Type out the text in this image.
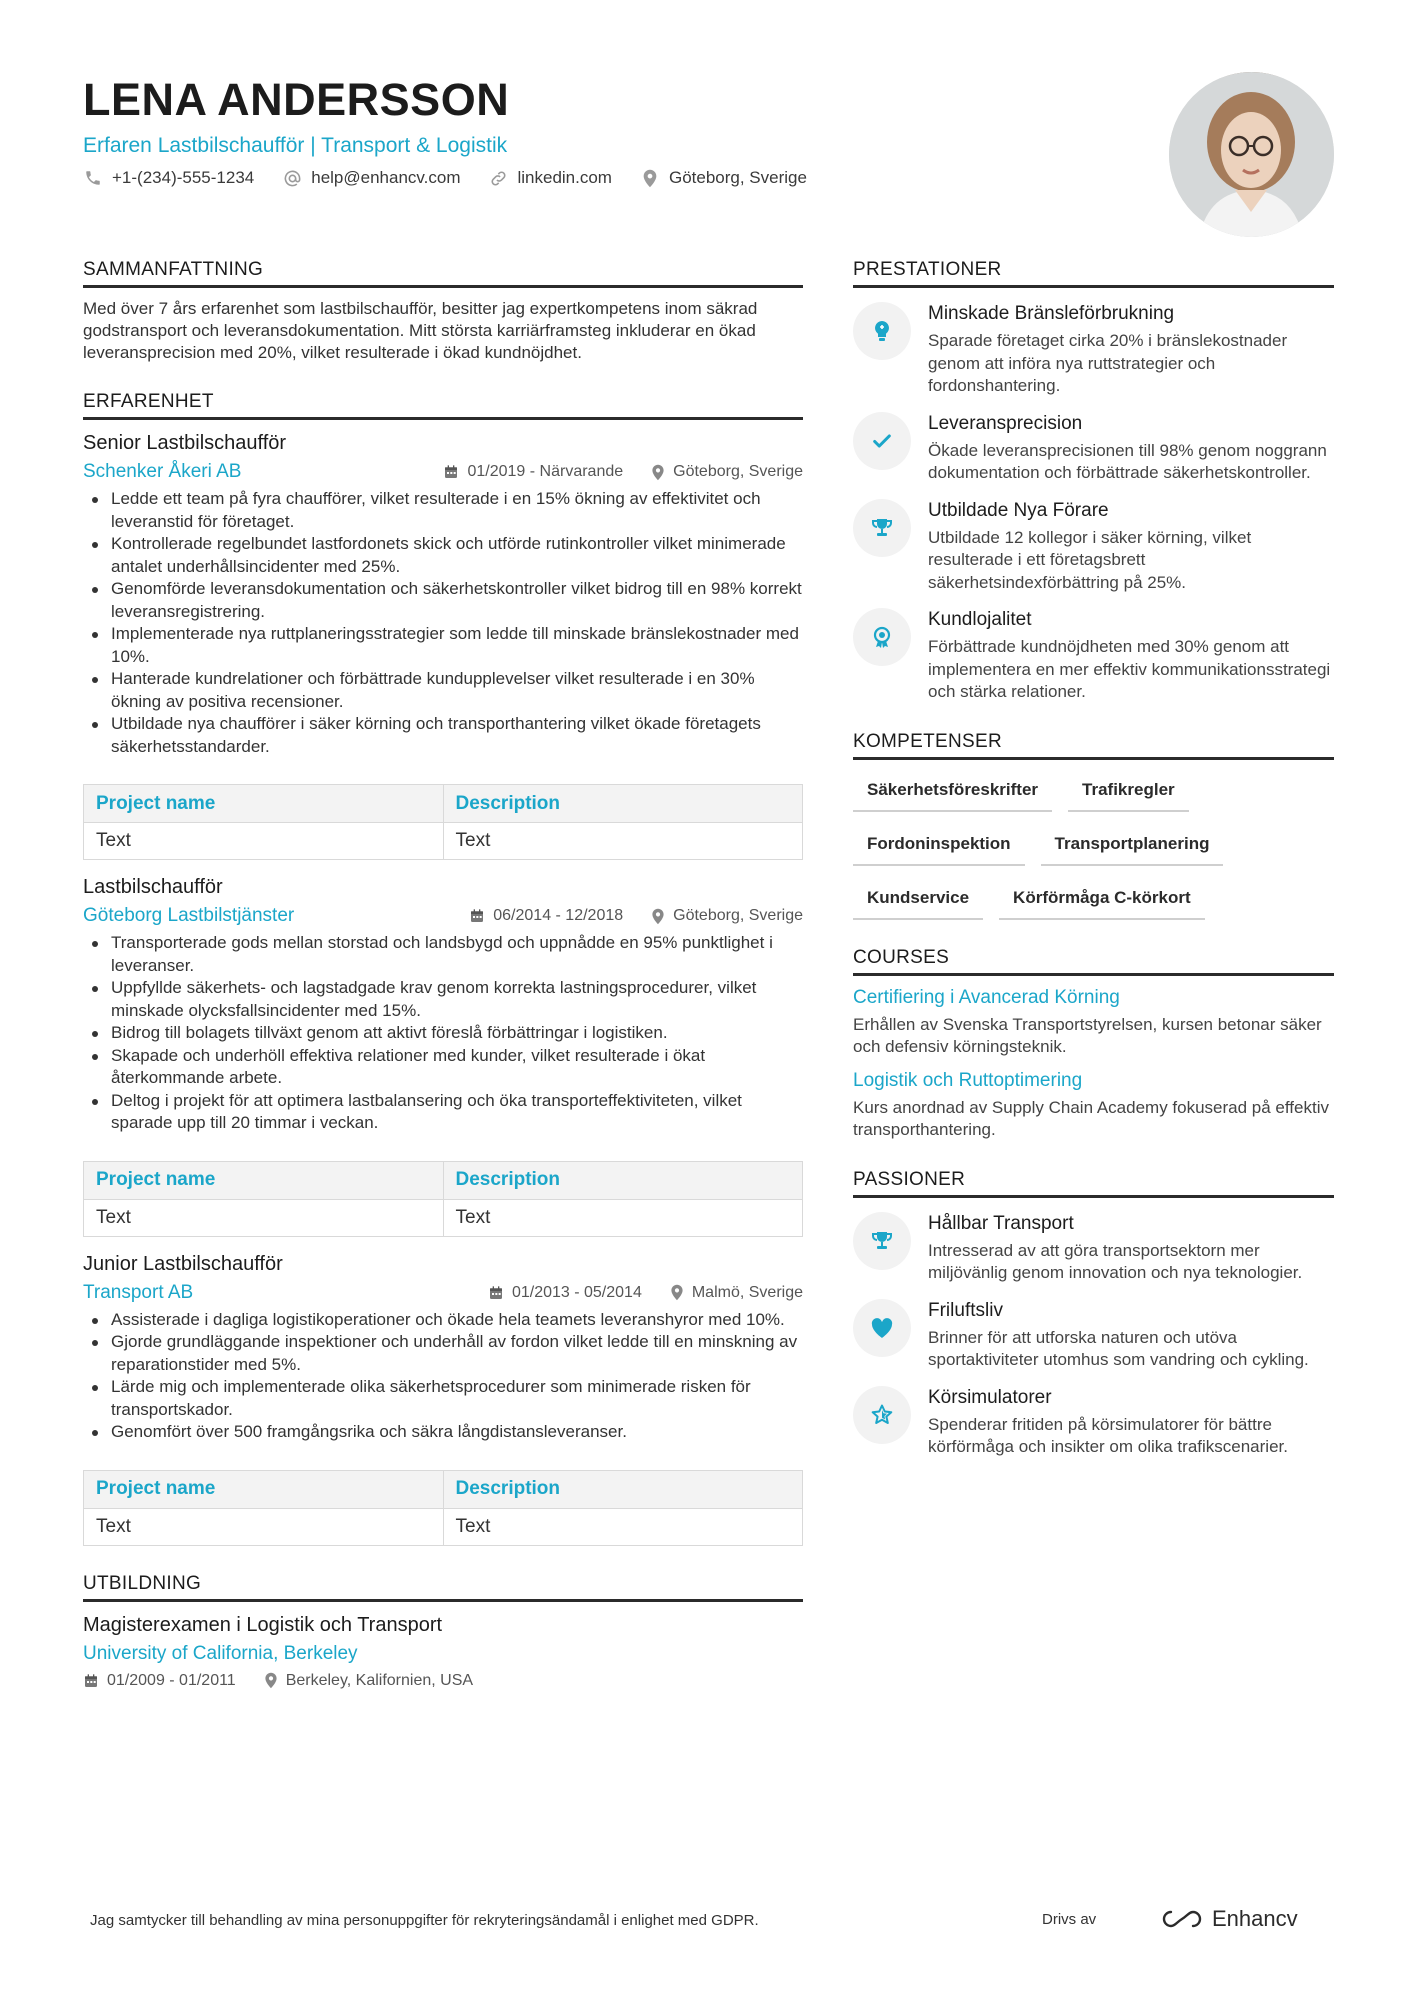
LENA ANDERSSON
Erfaren Lastbilschaufför | Transport & Logistik
+1-(234)-555-1234	help@enhancv.com	linkedin.com	Göteborg, Sverige
SAMMANFATTNING
Med över 7 års erfarenhet som lastbilschaufför, besitter jag expertkompetens inom säkrad godstransport och leveransdokumentation. Mitt största karriärframsteg inkluderar en ökad leveransprecision med 20%, vilket resulterade i ökad kundnöjdhet.
ERFARENHET
Senior Lastbilschaufför
Schenker Åkeri AB	01/2019 - Närvarande	Göteborg, Sverige
Ledde ett team på fyra chaufförer, vilket resulterade i en 15% ökning av effektivitet och leveranstid för företaget.
Kontrollerade regelbundet lastfordonets skick och utförde rutinkontroller vilket minimerade antalet underhållsincidenter med 25%.
Genomförde leveransdokumentation och säkerhetskontroller vilket bidrog till en 98% korrekt leveransregistrering.
Implementerade nya ruttplaneringsstrategier som ledde till minskade bränslekostnader med 10%.
Hanterade kundrelationer och förbättrade kundupplevelser vilket resulterade i en 30% ökning av positiva recensioner.
Utbildade nya chaufförer i säker körning och transporthantering vilket ökade företagets säkerhetsstandarder.
Project name	Description
Text	Text
Lastbilschaufför
Göteborg Lastbilstjänster	06/2014 - 12/2018	Göteborg, Sverige
Transporterade gods mellan storstad och landsbygd och uppnådde en 95% punktlighet i leveranser.
Uppfyllde säkerhets- och lagstadgade krav genom korrekta lastningsprocedurer, vilket minskade olycksfallsincidenter med 15%.
Bidrog till bolagets tillväxt genom att aktivt föreslå förbättringar i logistiken.
Skapade och underhöll effektiva relationer med kunder, vilket resulterade i ökat återkommande arbete.
Deltog i projekt för att optimera lastbalansering och öka transporteffektiviteten, vilket sparade upp till 20 timmar i veckan.
Project name	Description
Text	Text
Junior Lastbilschaufför
Transport AB	01/2013 - 05/2014	Malmö, Sverige
Assisterade i dagliga logistikoperationer och ökade hela teamets leveranshyror med 10%.
Gjorde grundläggande inspektioner och underhåll av fordon vilket ledde till en minskning av reparationstider med 5%.
Lärde mig och implementerade olika säkerhetsprocedurer som minimerade risken för transportskador.
Genomfört över 500 framgångsrika och säkra långdistansleveranser.
Project name	Description
Text	Text
UTBILDNING
Magisterexamen i Logistik och Transport
University of California, Berkeley
01/2009 - 01/2011	Berkeley, Kalifornien, USA
PRESTATIONER
Minskade Bränsleförbrukning
Sparade företaget cirka 20% i bränslekostnader genom att införa nya ruttstrategier och fordonshantering.
Leveransprecision
Ökade leveransprecisionen till 98% genom noggrann dokumentation och förbättrade säkerhetskontroller.
Utbildade Nya Förare
Utbildade 12 kollegor i säker körning, vilket resulterade i ett företagsbrett säkerhetsindexförbättring på 25%.
Kundlojalitet
Förbättrade kundnöjdheten med 30% genom att implementera en mer effektiv kommunikationsstrategi och stärka relationer.
KOMPETENSER
Säkerhetsföreskrifter	Trafikregler
Fordoninspektion	Transportplanering
Kundservice	Körförmåga C-körkort
COURSES
Certifiering i Avancerad Körning
Erhållen av Svenska Transportstyrelsen, kursen betonar säker och defensiv körningsteknik.
Logistik och Ruttoptimering
Kurs anordnad av Supply Chain Academy fokuserad på effektiv transporthantering.
PASSIONER
Hållbar Transport
Intresserad av att göra transportsektorn mer miljövänlig genom innovation och nya teknologier.
Friluftsliv
Brinner för att utforska naturen och utöva sportaktiviteter utomhus som vandring och cykling.
Körsimulatorer
Spenderar fritiden på körsimulatorer för bättre körförmåga och insikter om olika trafikscenarier.
Jag samtycker till behandling av mina personuppgifter för rekryteringsändamål i enlighet med GDPR.	Drivs av	Enhancv
